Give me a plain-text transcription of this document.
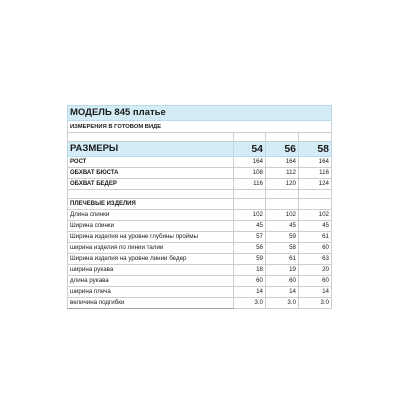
МОДЕЛЬ 845 платье			
ИЗМЕРЕНИЯ В ГОТОВОМ ВИДЕ			

РАЗМЕРЫ	54	56	58
РОСТ	164	164	164
ОБХВАТ БЮСТА	108	112	116
ОБХВАТ БЕДЕР	116	120	124

ПЛЕЧЕВЫЕ ИЗДЕЛИЯ			
Длина спинки	102	102	102
Ширина спинки	45	45	45
Ширина изделия на уровне глубины проймы	57	59	61
ширина изделия по линии талии	56	58	60
Ширина изделия на уровне линии бедер	59	61	63
ширина рукава	18	19	20
длина рукава	60	60	60
ширина плеча	14	14	14
величина подгибки	3.0	3.0	3.0
